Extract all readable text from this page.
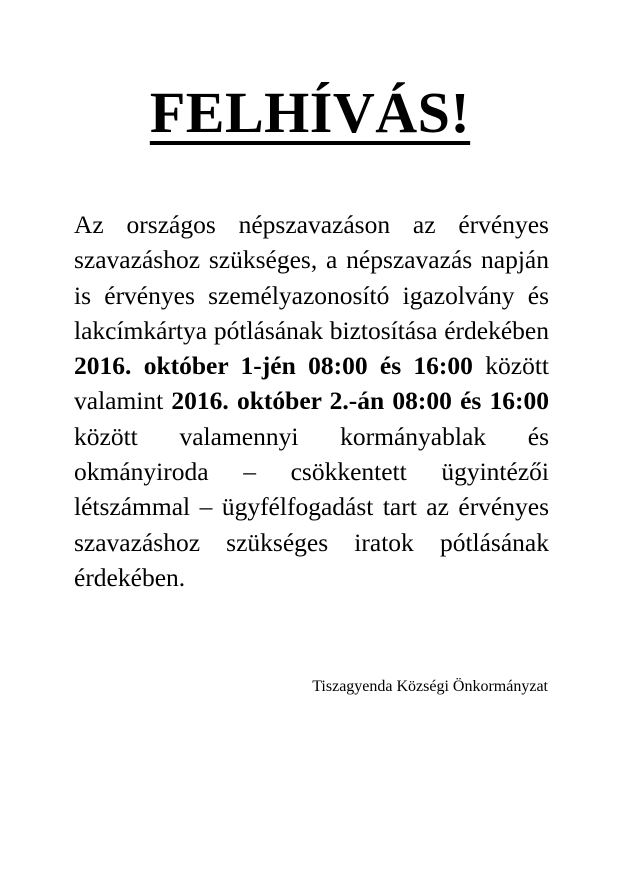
FELHÍVÁS!

Az országos népszavazáson az érvényes szavazáshoz szükséges, a népszavazás napján is érvényes személyazonosító igazolvány és lakcímkártya pótlásának biztosítása érdekében 2016. október 1-jén 08:00 és 16:00 között valamint 2016. október 2.-án 08:00 és 16:00 között valamennyi kormányablak és okmányiroda – csökkentett ügyintézői létszámmal – ügyfélfogadást tart az érvényes szavazáshoz szükséges iratok pótlásának érdekében.

Tiszagyenda Községi Önkormányzat
